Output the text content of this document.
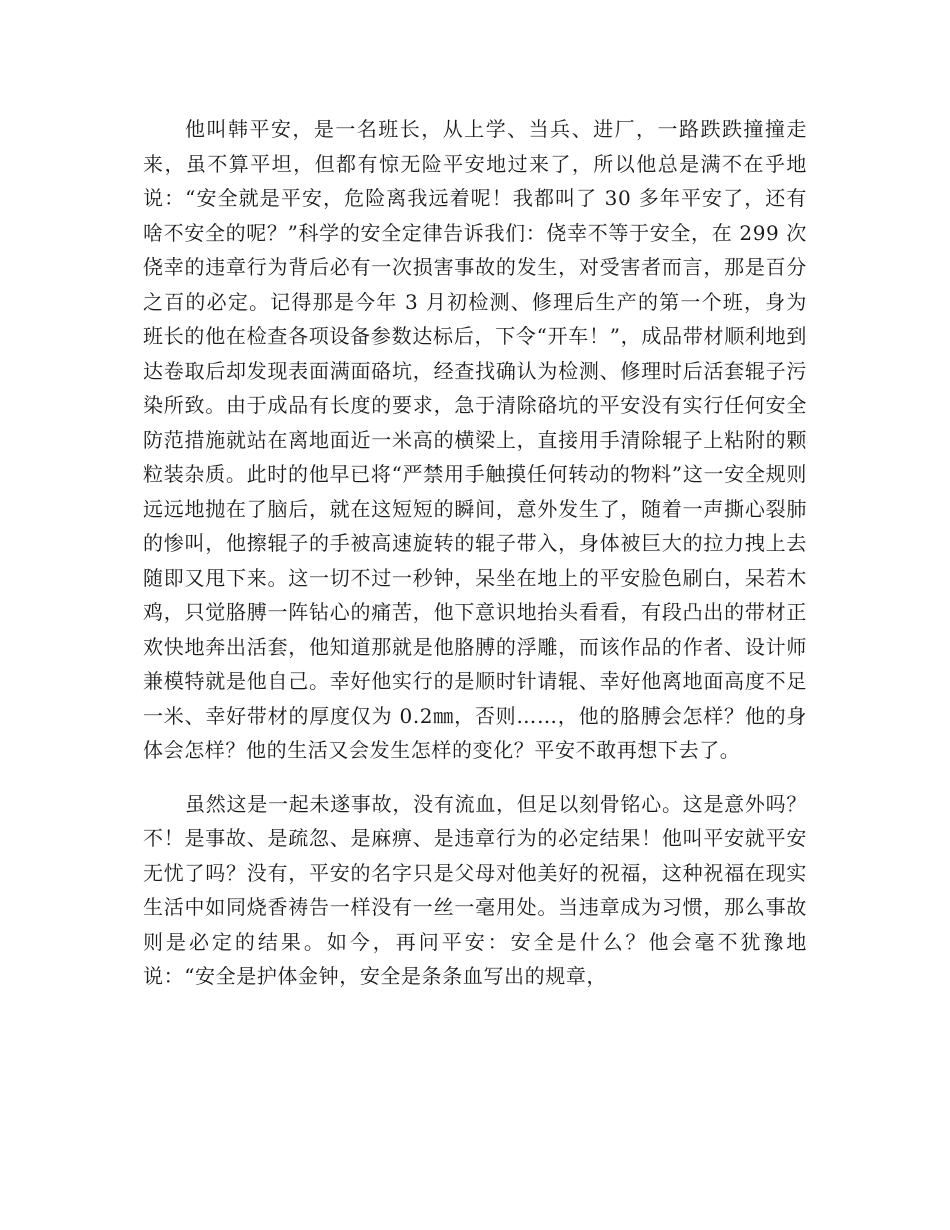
他叫韩平安，是一名班长，从上学、当兵、进厂，一路跌跌撞撞走来，虽不算平坦，但都有惊无险平安地过来了，所以他总是满不在乎地说：“安全就是平安，危险离我远着呢！我都叫了 30 多年平安了，还有啥不安全的呢？”科学的安全定律告诉我们：侥幸不等于安全，在 299 次侥幸的违章行为背后必有一次损害事故的发生，对受害者而言，那是百分之百的必定。记得那是今年 3 月初检测、修理后生产的第一个班，身为班长的他在检查各项设备参数达标后，下令“开车！”，成品带材顺利地到达卷取后却发现表面满面硌坑，经查找确认为检测、修理时后活套辊子污染所致。由于成品有长度的要求，急于清除硌坑的平安没有实行任何安全防范措施就站在离地面近一米高的横梁上，直接用手清除辊子上粘附的颗粒装杂质。此时的他早已将“严禁用手触摸任何转动的物料”这一安全规则远远地抛在了脑后，就在这短短的瞬间，意外发生了，随着一声撕心裂肺的惨叫，他擦辊子的手被高速旋转的辊子带入，身体被巨大的拉力拽上去随即又甩下来。这一切不过一秒钟，呆坐在地上的平安脸色刷白，呆若木鸡，只觉胳膊一阵钻心的痛苦，他下意识地抬头看看，有段凸出的带材正欢快地奔出活套，他知道那就是他胳膊的浮雕，而该作品的作者、设计师兼模特就是他自己。幸好他实行的是顺时针请辊、幸好他离地面高度不足一米、幸好带材的厚度仅为 0.2㎜，否则……，他的胳膊会怎样？他的身体会怎样？他的生活又会发生怎样的变化？平安不敢再想下去了。

虽然这是一起未遂事故，没有流血，但足以刻骨铭心。这是意外吗？不！是事故、是疏忽、是麻痹、是违章行为的必定结果！他叫平安就平安无忧了吗？没有，平安的名字只是父母对他美好的祝福，这种祝福在现实生活中如同烧香祷告一样没有一丝一毫用处。当违章成为习惯，那么事故则是必定的结果。如今，再问平安：安全是什么？他会毫不犹豫地说：“安全是护体金钟，安全是条条血写出的规章，
